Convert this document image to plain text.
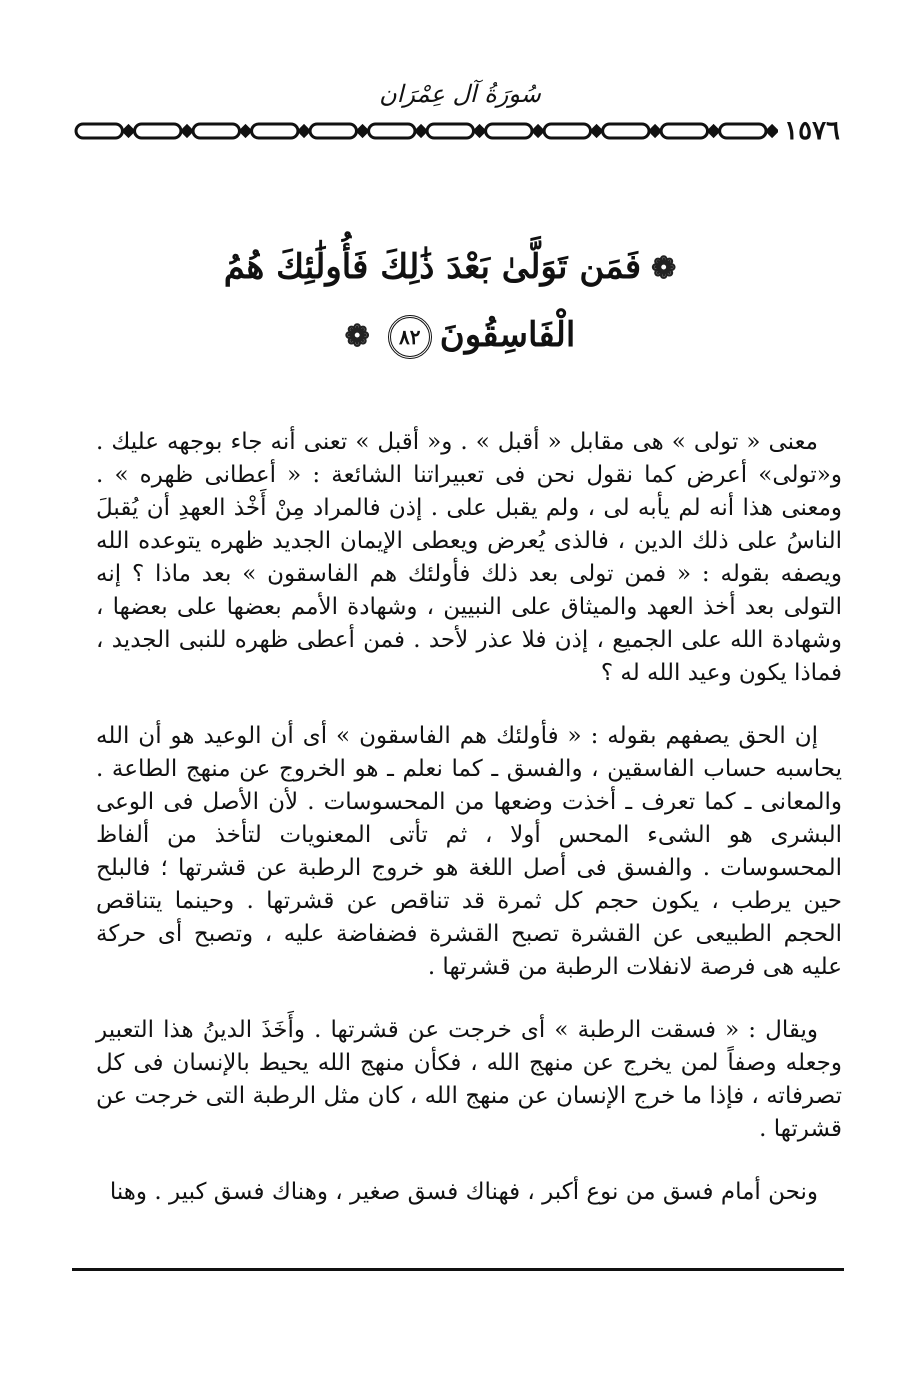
سُورَةُ آل عِمْرَان
١٥٧٦
❁فَمَن تَوَلَّىٰ بَعْدَ ذَٰلِكَ فَأُولَٰئِكَ هُمُ
الْفَاسِقُونَ٨٢❁

معنى « تولى » هى مقابل « أقبل » . و« أقبل » تعنى أنه جاء بوجهه عليك . و«تولى» أعرض كما نقول نحن فى تعبيراتنا الشائعة : « أعطانى ظهره » . ومعنى هذا أنه لم يأبه لى ، ولم يقبل على . إذن فالمراد مِنْ أَخْذ العهدِ أن يُقبلَ الناسُ على ذلك الدين ، فالذى يُعرض ويعطى الإيمان الجديد ظهره يتوعده الله ويصفه بقوله : « فمن تولى بعد ذلك فأولئك هم الفاسقون » بعد ماذا ؟ إنه التولى بعد أخذ العهد والميثاق على النبيين ، وشهادة الأمم بعضها على بعضها ، وشهادة الله على الجميع ، إذن فلا عذر لأحد . فمن أعطى ظهره للنبى الجديد ، فماذا يكون وعيد الله له ؟

إن الحق يصفهم بقوله : « فأولئك هم الفاسقون » أى أن الوعيد هو أن الله يحاسبه حساب الفاسقين ، والفسق ـ كما نعلم ـ هو الخروج عن منهج الطاعة . والمعانى ـ كما تعرف ـ أخذت وضعها من المحسوسات . لأن الأصل فى الوعى البشرى هو الشىء المحس أولا ، ثم تأتى المعنويات لتأخذ من ألفاظ المحسوسات . والفسق فى أصل اللغة هو خروج الرطبة عن قشرتها ؛ فالبلح حين يرطب ، يكون حجم كل ثمرة قد تناقص عن قشرتها . وحينما يتناقص الحجم الطبيعى عن القشرة تصبح القشرة فضفاضة عليه ، وتصبح أى حركة عليه هى فرصة لانفلات الرطبة من قشرتها .

ويقال : « فسقت الرطبة » أى خرجت عن قشرتها . وأَخَذَ الدينُ هذا التعبير وجعله وصفاً لمن يخرج عن منهج الله ، فكأن منهج الله يحيط بالإنسان فى كل تصرفاته ، فإذا ما خرج الإنسان عن منهج الله ، كان مثل الرطبة التى خرجت عن قشرتها .

ونحن أمام فسق من نوع أكبر ، فهناك فسق صغير ، وهناك فسق كبير . وهنا
